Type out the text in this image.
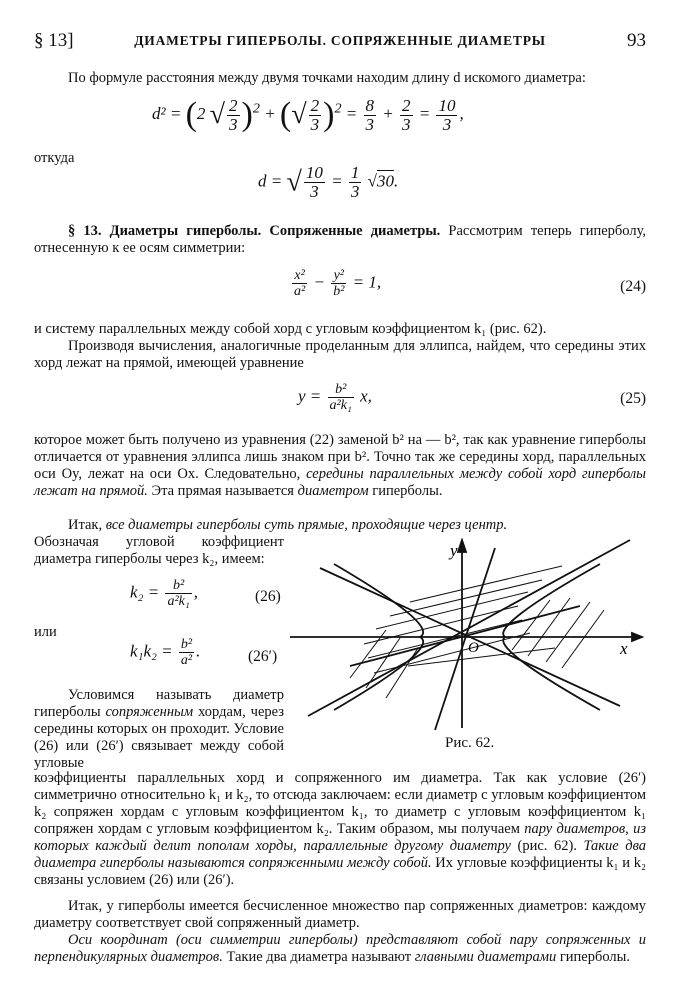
§ 13]	ДИАМЕТРЫ ГИПЕРБОЛЫ. СОПРЯЖЕННЫЕ ДИАМЕТРЫ	93
По формуле расстояния между двумя точками находим длину d искомого диаметра:
d² = (2 √ $\frac{2}{3} )^2$ + (√ $\frac{2}{3} )^2 = \frac{8}{3} + \frac{2}{3} = \frac{10}{3}$ ,
откуда
d = √ $\frac{10}{3} = \frac{1}{3} √30$.
§ 13. Диаметры гиперболы. Сопряженные диаметры. Рассмотрим теперь гиперболу, отнесенную к ее осям симметрии:
$\frac{\text{x²}}{\text{a²}} - \frac{\text{y²}}{\text{b²}} = 1$,	(24)
и систему параллельных между собой хорд с угловым коэффициентом k₁ (рис. 62).
Производя вычисления, аналогичные проделанным для эллипса, найдем, что середины этих хорд лежат на прямой, имеющей уравнение
$y = \frac{\text{b²}}{\text{a²k₁}} x$,	(25)
которое может быть получено из уравнения (22) заменой b² на — b², так как уравнение гиперболы отличается от уравнения эллипса лишь знаком при b². Точно так же середины хорд, параллельных оси Oy, лежат на оси Ox. Следовательно, середины параллельных между собой хорд гиперболы лежат на прямой. Эта прямая называется диаметром гиперболы.
Итак, все диаметры гиперболы суть прямые, проходящие через центр.
Обозначая угловой коэффициент диаметра гиперболы через k₂, имеем:
$k_2 = \frac{\text{b²}}{\text{a²k₁}}$ ,	(26)
или
$k_1k_2 = \frac{\text{b²}}{\text{a²}}$ .	(26′)
Условимся называть диаметр гиперболы сопряженным хордам, через середины которых он проходит. Условие (26) или (26′) связывает между собой угловые
y
x
O
Рис. 62.
коэффициенты параллельных хорд и сопряженного им диаметра. Так как условие (26′) симметрично относительно k₁ и k₂, то отсюда заключаем: если диаметр с угловым коэффициентом k₂ сопряжен хордам с угловым коэффициентом k₁, то диаметр с угловым коэффициентом k₁ сопряжен хордам с угловым коэффициентом k₂. Таким образом, мы получаем пару диаметров, из которых каждый делит пополам хорды, параллельные другому диаметру (рис. 62). Такие два диаметра гиперболы называются сопряженными между собой. Их угловые коэффициенты k₁ и k₂ связаны условием (26) или (26′).
Итак, у гиперболы имеется бесчисленное множество пар сопряженных диаметров: каждому диаметру соответствует свой сопряженный диаметр.
Оси координат (оси симметрии гиперболы) представляют собой пару сопряженных и перпендикулярных диаметров. Такие два диаметра называют главными диаметрами гиперболы.
